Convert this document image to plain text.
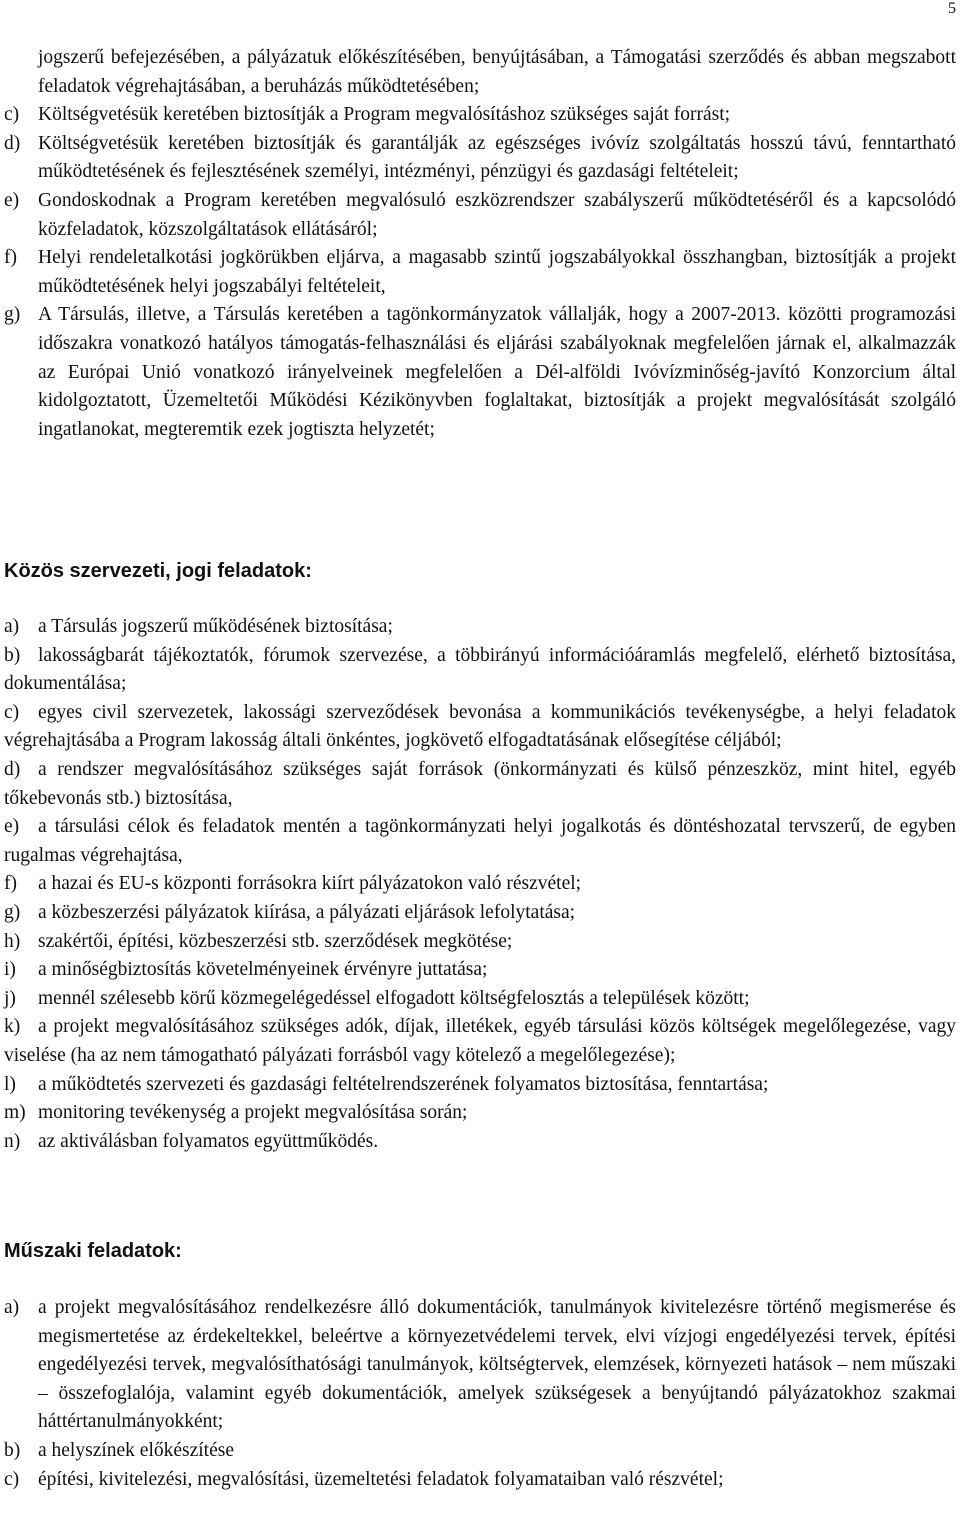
5
jogszerű befejezésében, a pályázatuk előkészítésében, benyújtásában, a Támogatási szerződés és abban megszabott feladatok végrehajtásában, a beruházás működtetésében;
c) Költségvetésük keretében biztosítják a Program megvalósításhoz szükséges saját forrást;
d) Költségvetésük keretében biztosítják és garantálják az egészséges ivóvíz szolgáltatás hosszú távú, fenntartható működtetésének és fejlesztésének személyi, intézményi, pénzügyi és gazdasági feltételeit;
e) Gondoskodnak a Program keretében megvalósuló eszközrendszer szabályszerű működtetéséről és a kapcsolódó közfeladatok, közszolgáltatások ellátásáról;
f)	Helyi rendeletalkotási jogkörükben eljárva, a magasabb szintű jogszabályokkal összhangban, biztosítják a projekt működtetésének helyi jogszabályi feltételeit,
g) A Társulás, illetve, a Társulás keretében a tagönkormányzatok vállalják, hogy a 2007-2013. közötti programozási időszakra vonatkozó hatályos támogatás-felhasználási és eljárási szabályoknak megfelelően járnak el, alkalmazzák az Európai Unió vonatkozó irányelveinek megfelelően a Dél-alföldi Ivóvízminőség-javító Konzorcium által kidolgoztatott, Üzemeltetői Működési Kézikönyvben foglaltakat, biztosítják a projekt megvalósítását szolgáló ingatlanokat, megteremtik ezek jogtiszta helyzetét;
Közös szervezeti, jogi feladatok:
a) a Társulás jogszerű működésének biztosítása;
b) lakosságbarát tájékoztatók, fórumok szervezése, a többirányú információáramlás megfelelő, elérhető biztosítása, dokumentálása;
c) egyes civil szervezetek, lakossági szerveződések bevonása a kommunikációs tevékenységbe, a helyi feladatok végrehajtásába a Program lakosság általi önkéntes, jogkövető elfogadtatásának elősegítése céljából;
d) a rendszer megvalósításához szükséges saját források (önkormányzati és külső pénzeszköz, mint hitel, egyéb tőkebevonás stb.) biztosítása,
e) a társulási célok és feladatok mentén a tagönkormányzati helyi jogalkotás és döntéshozatal tervszerű, de egyben rugalmas végrehajtása,
f) a hazai és EU-s központi forrásokra kiírt pályázatokon való részvétel;
g) a közbeszerzési pályázatok kiírása, a pályázati eljárások lefolytatása;
h) szakértői, építési, közbeszerzési stb. szerződések megkötése;
i) a minőségbiztosítás követelményeinek érvényre juttatása;
j) mennél szélesebb körű közmegelégedéssel elfogadott költségfelosztás a települések között;
k) a projekt megvalósításához szükséges adók, díjak, illetékek, egyéb társulási közös költségek megelőlegezése, vagy viselése (ha az nem támogatható pályázati forrásból vagy kötelező a megelőlegezése);
l) a működtetés szervezeti és gazdasági feltételrendszerének folyamatos biztosítása, fenntartása;
m) monitoring tevékenység a projekt megvalósítása során;
n) az aktiválásban folyamatos együttműködés.
Műszaki feladatok:
a) a projekt megvalósításához rendelkezésre álló dokumentációk, tanulmányok kivitelezésre történő megismerése és megismertetése az érdekeltekkel, beleértve a környezetvédelemi tervek, elvi vízjogi engedélyezési tervek, építési engedélyezési tervek, megvalósíthatósági tanulmányok, költségtervek, elemzések, környezeti hatások – nem műszaki – összefoglalója, valamint egyéb dokumentációk, amelyek szükségesek a benyújtandó pályázatokhoz szakmai háttértanulmányokként;
b) a helyszínek előkészítése
c) építési, kivitelezési, megvalósítási, üzemeltetési feladatok folyamataiban való részvétel;
